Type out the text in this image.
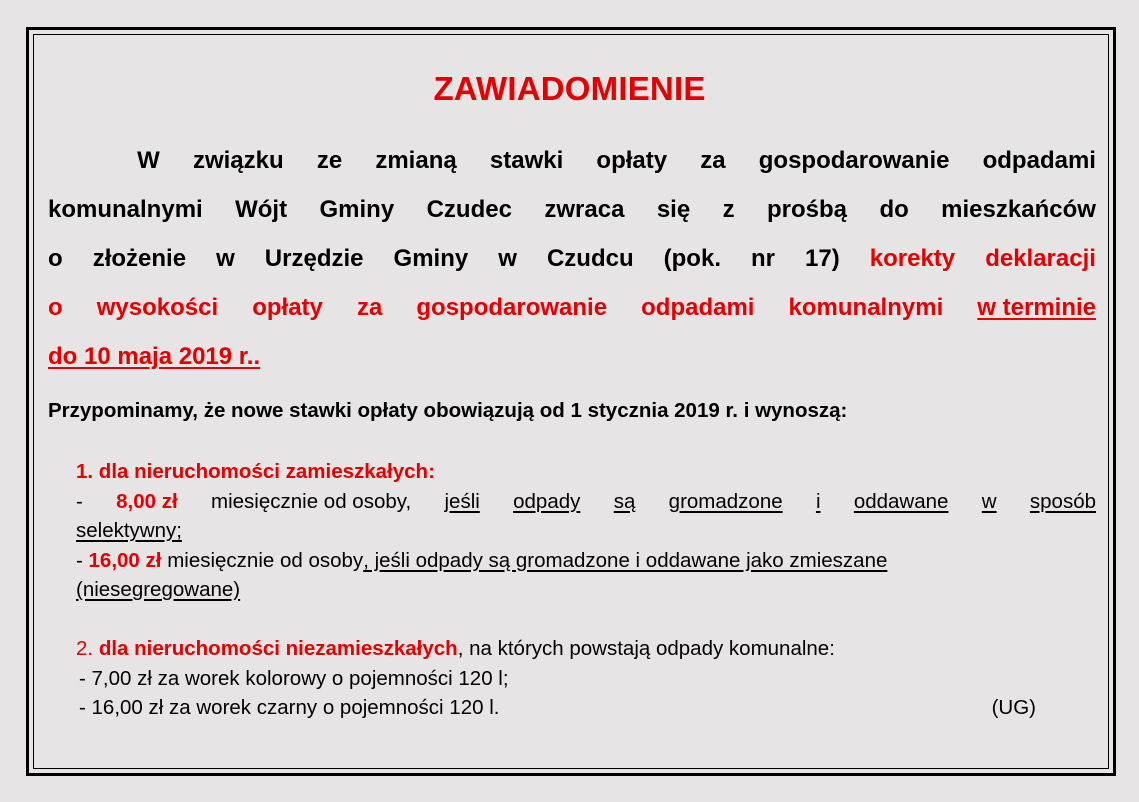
ZAWIADOMIENIE
W związku ze zmianą stawki opłaty za gospodarowanie odpadami
komunalnymi Wójt Gminy Czudec zwraca się z prośbą do mieszkańców
o złożenie w Urzędzie Gminy w Czudcu (pok. nr 17) korekty deklaracji
o wysokości opłaty za gospodarowanie odpadami komunalnymi w terminie
do 10 maja 2019 r..
Przypominamy, że nowe stawki opłaty obowiązują od 1 stycznia 2019 r. i wynoszą:
1. dla nieruchomości zamieszkałych:
- 8,00 zł miesięcznie od osoby, jeśli odpady są gromadzone i oddawane w sposób
selektywny;
-
16,00 zł
miesięcznie od osoby , jeśli odpady są gromadzone i oddawane jako zmieszane
(niesegregowane)
2.
dla nieruchomości niezamieszkałych , na których powstają odpady komunalne:
- 7,00 zł za worek kolorowy o pojemności 120 l;
- 16,00 zł za worek czarny o pojemności 120 l.	(UG)
